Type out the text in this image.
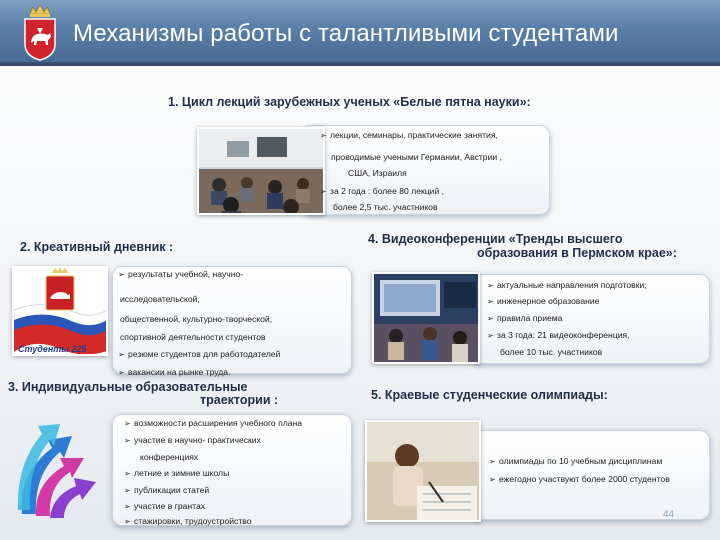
Механизмы работы с талантливыми студентами
1. Цикл лекций зарубежных ученых «Белые пятна науки»:
➢ лекции, семинары, практические занятия,
проводимые учеными Германии, Австрии ,
США, Израиля
➢ за 2 года : более 80 лекций ,
более 2,5 тыс. участников
2. Креативный дневник :
Студенты 225
➢ результаты учебной, научно-
исследовательской,
общественной, культурно-творческой,
спортивной деятельности студентов
➢ резюме студентов для работодателей
➢ вакансии на рынке труда.
4. Видеоконференции «Тренды высшего
образования в Пермском крае»:
➢ актуальные направления подготовки;
➢ инженерное образование
➢ правила приема
➢ за 3 года: 21 видеоконференция,
более 10 тыс. участников
3. Индивидуальные образовательные
траектории :
➢ возможности расширения учебного плана
➢ участие в научно- практических
конференциях
➢ летние и зимние школы
➢ публикации статей
➢ участие в грантах
➢ стажировки, трудоустройство
5. Краевые студенческие олимпиады:
➢ олимпиады по 10 учебным дисциплинам
➢ ежегодно участвуют более 2000 студентов
44
